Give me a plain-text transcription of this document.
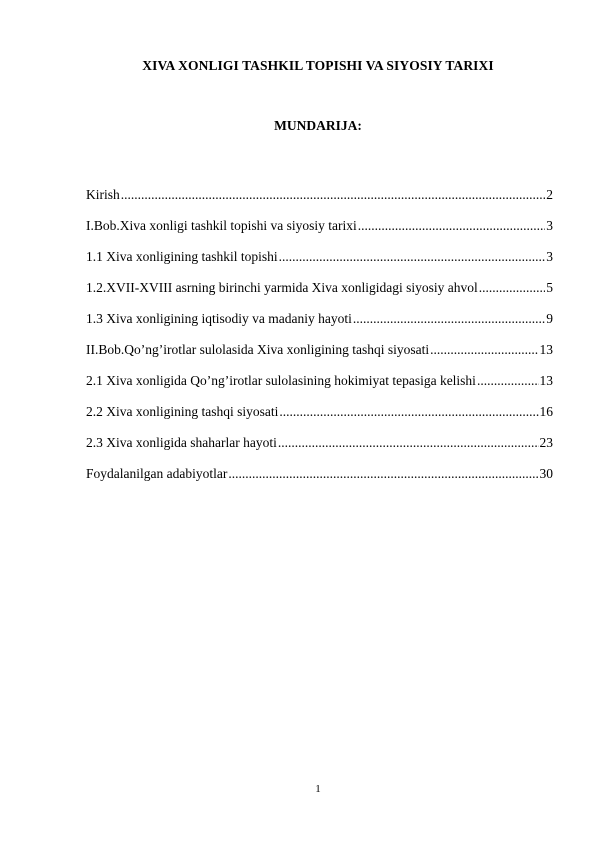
XIVA XONLIGI TASHKIL TOPISHI VA SIYOSIY TARIXI
MUNDARIJA:
Kirish .....	2
I.Bob.Xiva xonligi tashkil topishi va siyosiy tarixi .....	3
1.1 Xiva xonligining tashkil topishi .....	3
1.2.XVII-XVIII asrning birinchi yarmida Xiva xonligidagi siyosiy ahvol .....	5
1.3 Xiva xonligining iqtisodiy va madaniy hayoti .....	9
II.Bob.Qo’ng’irotlar sulolasida Xiva xonligining tashqi siyosati .....	13
2.1 Xiva xonligida Qo’ng’irotlar sulolasining hokimiyat tepasiga kelishi .....	13
2.2 Xiva xonligining tashqi siyosati .....	16
2.3 Xiva xonligida shaharlar hayoti .....	23
Foydalanilgan adabiyotlar .....	30
1
